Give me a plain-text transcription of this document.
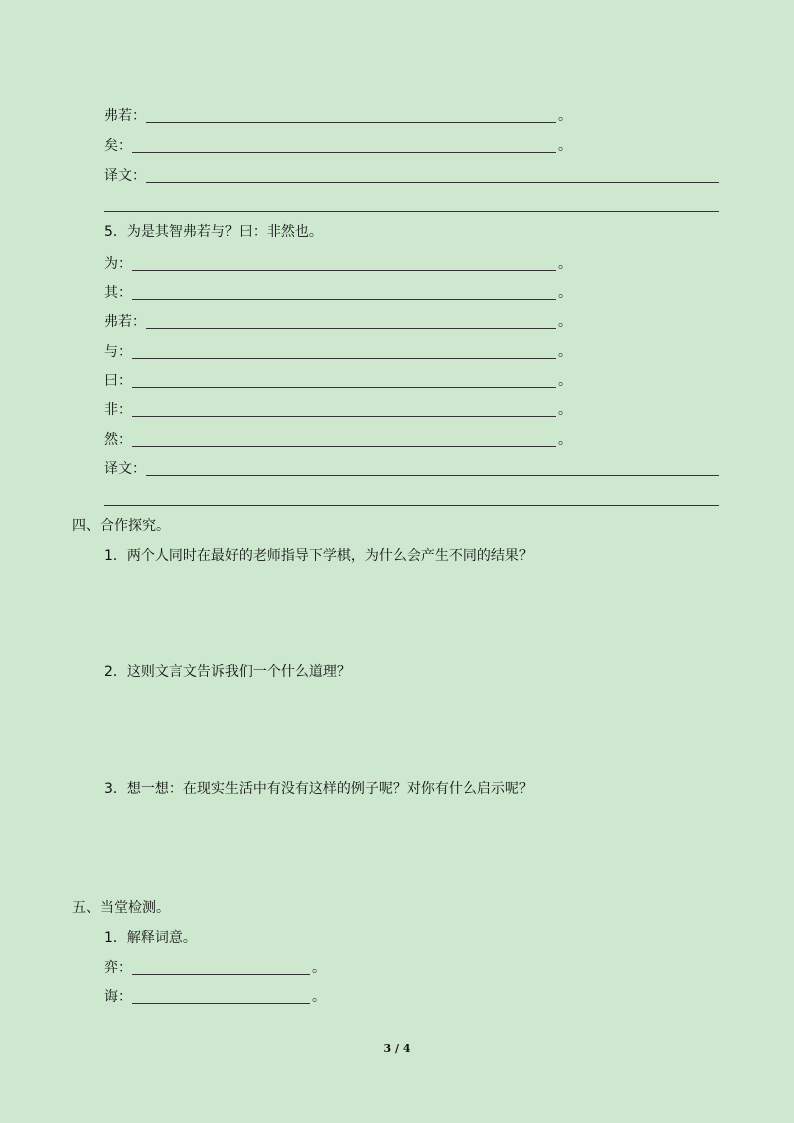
弗若：	。
矣：	。
译文：
5．为是其智弗若与？曰：非然也。
为：	。
其：	。
弗若：	。
与：	。
曰：	。
非：	。
然：	。
译文：
四、合作探究。
1．两个人同时在最好的老师指导下学棋，为什么会产生不同的结果？
2．这则文言文告诉我们一个什么道理？
3．想一想：在现实生活中有没有这样的例子呢？对你有什么启示呢？
五、当堂检测。
1．解释词意。
弈：	。
诲：	。
3 / 4
